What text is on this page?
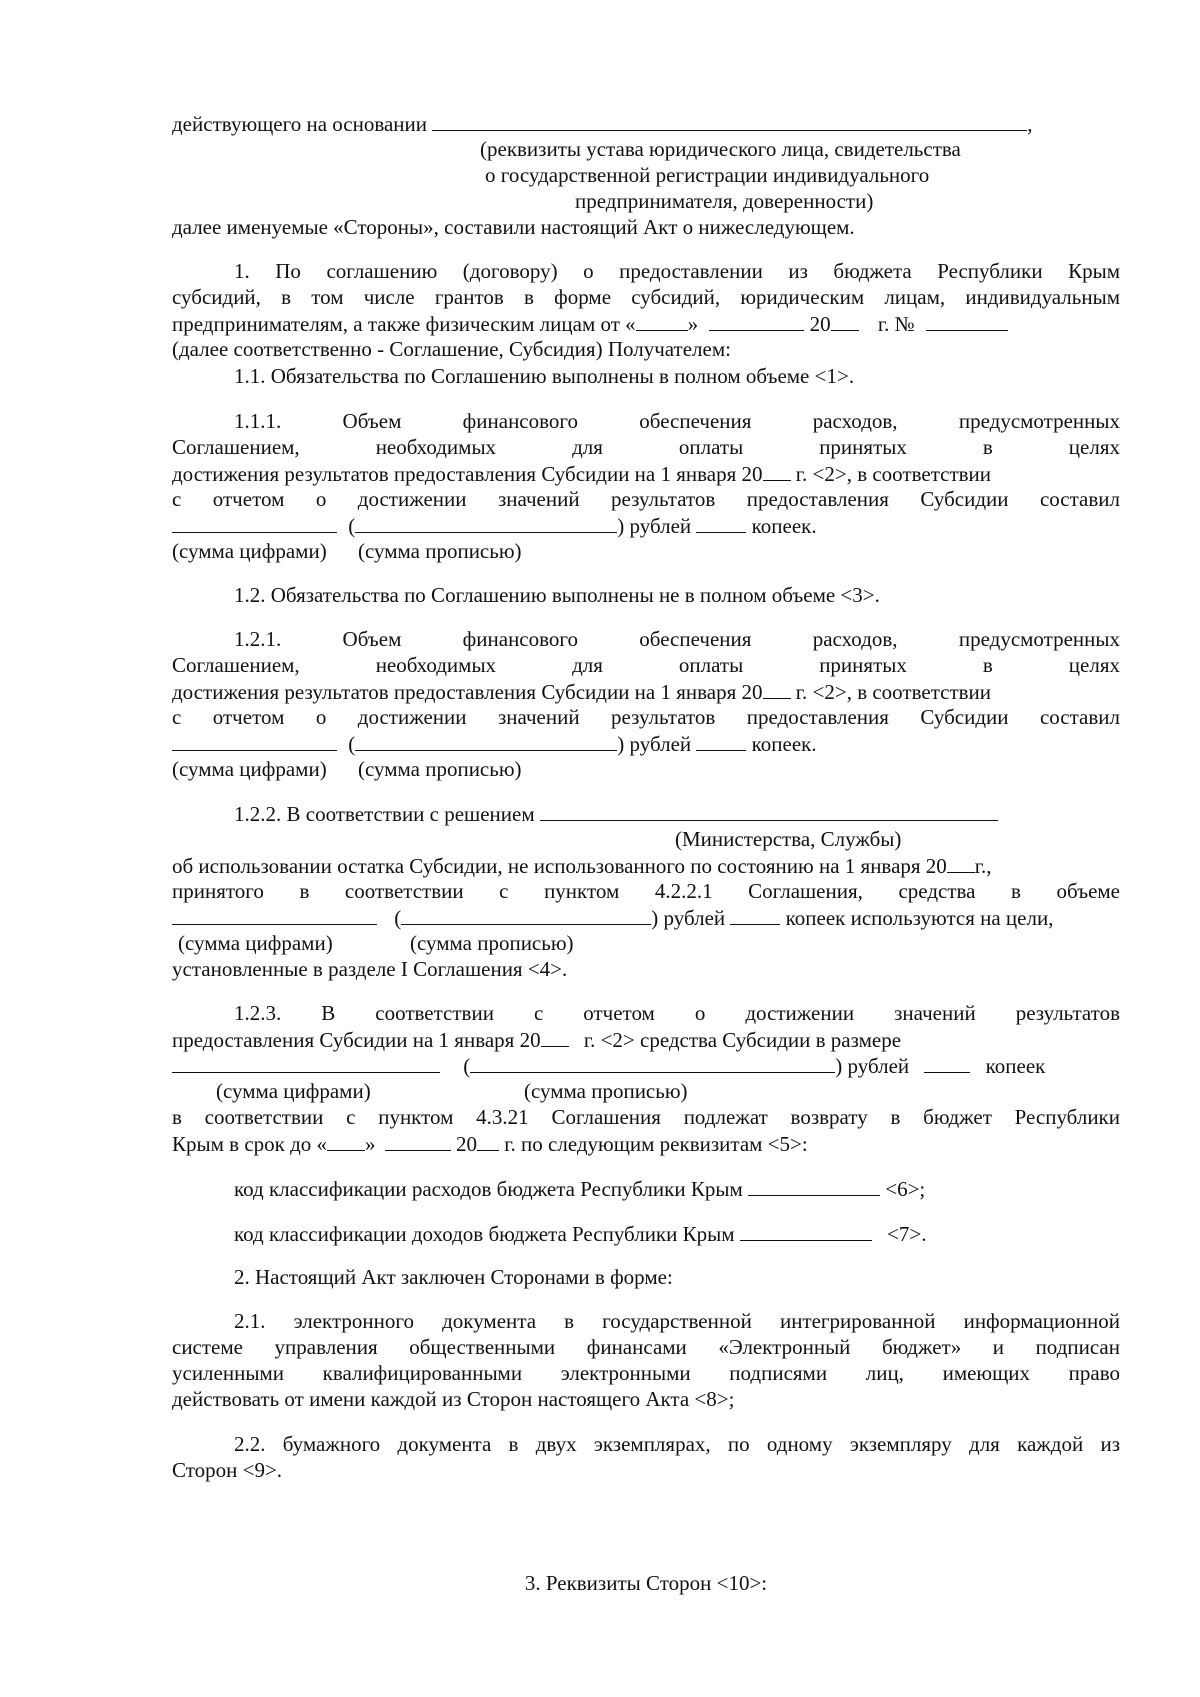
действующего на основании	,
(реквизиты устава юридического лица, свидетельства
о государственной регистрации индивидуального
предпринимателя, доверенности)
далее именуемые «Стороны», составили настоящий Акт о нижеследующем.
1. По соглашению (договору) о предоставлении из бюджета Республики Крым
субсидий, в том числе грантов в форме субсидий, юридическим лицам, индивидуальным
предпринимателям, а также физическим лицам от « »	20 г. №
(далее соответственно - Соглашение, Субсидия) Получателем:
1.1. Обязательства по Соглашению выполнены в полном объеме <1>.
1.1.1. Объем финансового обеспечения расходов, предусмотренных
Соглашением, необходимых для оплаты принятых в целях
достижения результатов предоставления Субсидии на 1 января 20 г. <2>, в соответствии
с отчетом о достижении значений результатов предоставления Субсидии составил
(	) рублей	копеек.
(сумма цифрами) (сумма прописью)
1.2. Обязательства по Соглашению выполнены не в полном объеме <3>.
1.2.1. Объем финансового обеспечения расходов, предусмотренных
Соглашением, необходимых для оплаты принятых в целях
достижения результатов предоставления Субсидии на 1 января 20 г. <2>, в соответствии
с отчетом о достижении значений результатов предоставления Субсидии составил
(	) рублей	копеек.
(сумма цифрами) (сумма прописью)
1.2.2. В соответствии с решением
(Министерства, Службы)
об использовании остатка Субсидии, не использованного по состоянию на 1 января 20 г.,
принятого в соответствии с пунктом 4.2.2.1 Соглашения, средства в объеме
(	) рублей	копеек используются на цели,
(сумма цифрами)	(сумма прописью)
установленные в разделе I Соглашения <4>.
1.2.3. В соответствии с отчетом о достижении значений результатов
предоставления Субсидии на 1 января 20 г. <2> средства Субсидии в размере
(	) рублей	копеек
(сумма цифрами)	(сумма прописью)
в соответствии с пунктом 4.3.21 Соглашения подлежат возврату в бюджет Республики
Крым в срок до « »	20 г. по следующим реквизитам <5>:
код классификации расходов бюджета Республики Крым	<6>;
код классификации доходов бюджета Республики Крым	<7>.
2. Настоящий Акт заключен Сторонами в форме:
2.1. электронного документа в государственной интегрированной информационной
системе управления общественными финансами «Электронный бюджет» и подписан
усиленными квалифицированными электронными подписями лиц, имеющих право
действовать от имени каждой из Сторон настоящего Акта <8>;
2.2. бумажного документа в двух экземплярах, по одному экземпляру для каждой из
Сторон <9>.
3. Реквизиты Сторон <10>:
